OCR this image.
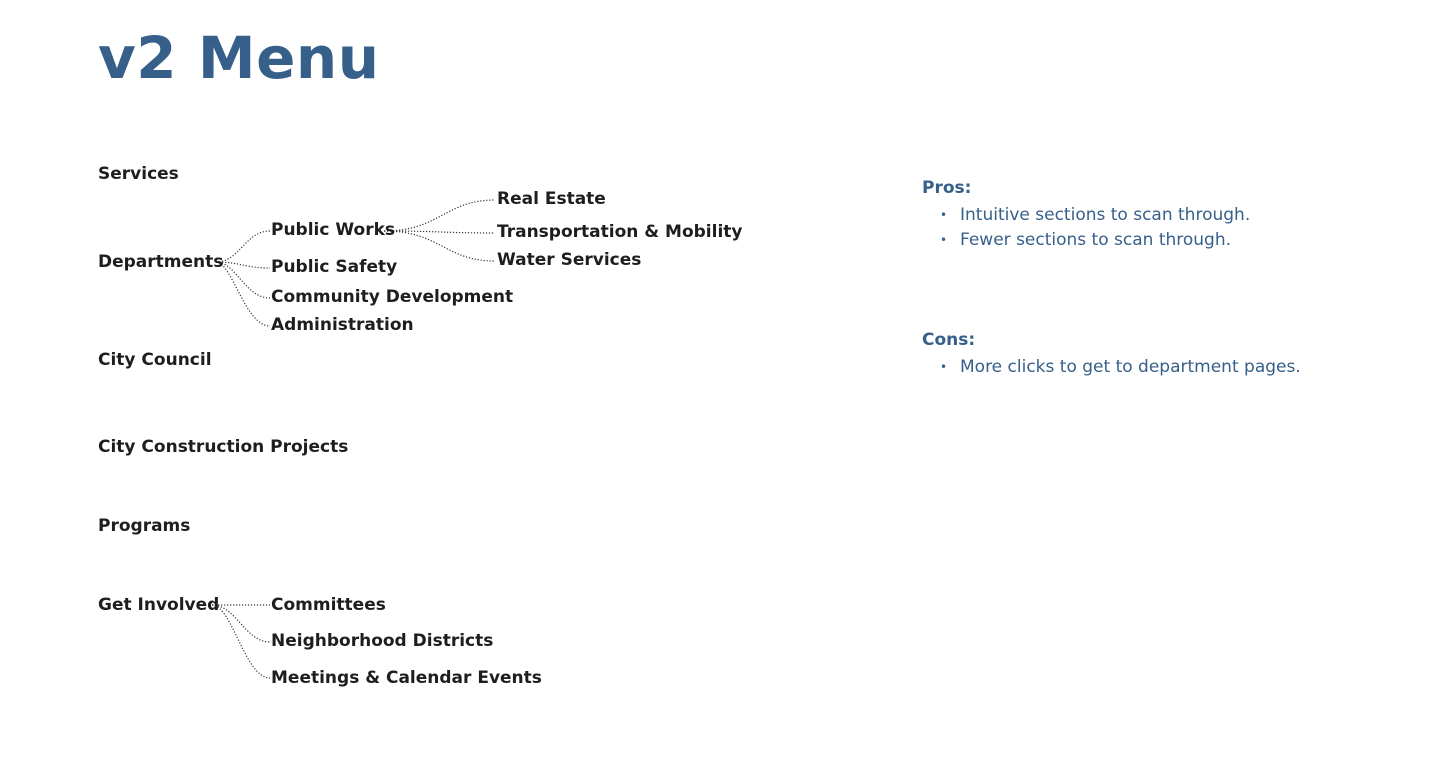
v2 Menu
Services
Departments
City Council
City Construction Projects
Programs
Get Involved
Public Works
Public Safety
Community Development
Administration
Real Estate
Transportation & Mobility
Water Services
Committees
Neighborhood Districts
Meetings & Calendar Events
Pros:
• Intuitive sections to scan through.
• Fewer sections to scan through.
Cons:
• More clicks to get to department pages.
